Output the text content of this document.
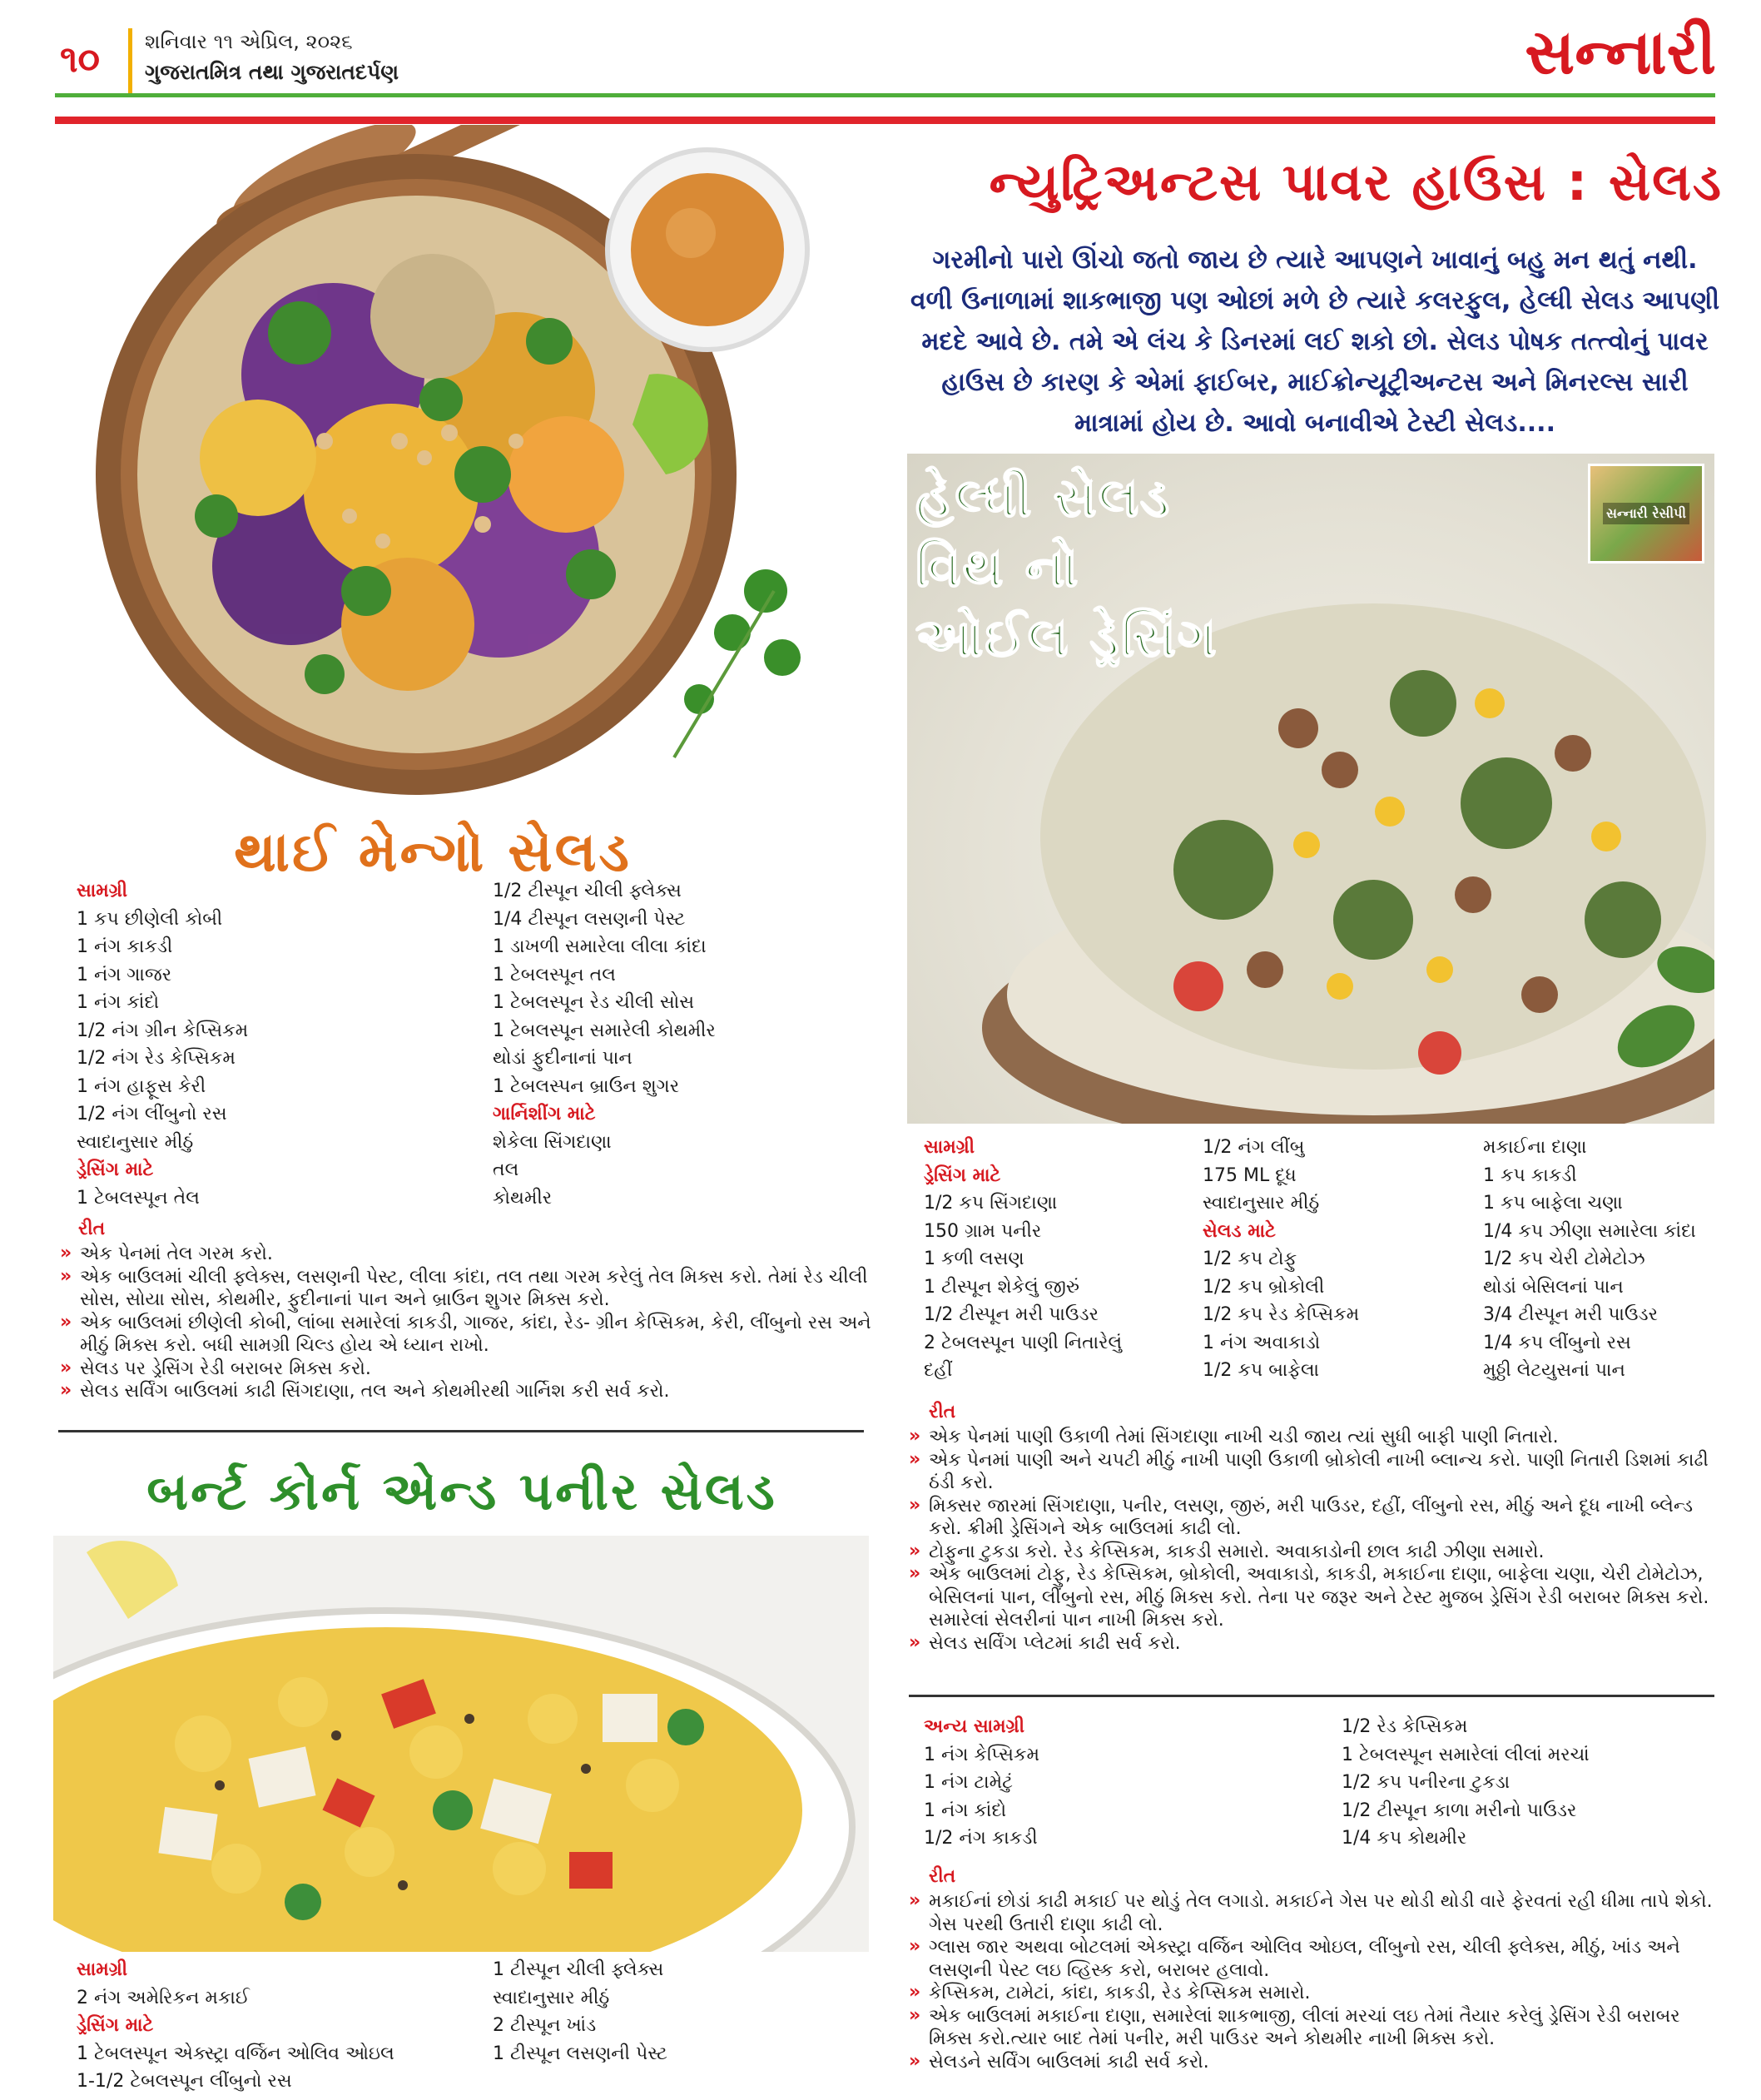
૧૦ શનિવાર ૧૧ એપ્રિલ, ૨૦૨૬
ગુજરાતમિત્ર તથા ગુજરાતદર્પણ	સન્નારી
ન્યુટ્રિઅન્ટસ પાવર હાઉસ : સેલડ
ગરમીનો પારો ઊંચો જતો જાય છે ત્યારે આપણને ખાવાનું બહુ મન થતું નથી. વળી ઉનાળામાં શાકભાજી પણ ઓછાં મળે છે ત્યારે કલરફુલ, હેલ્ધી સેલડ આપણી મદદે આવે છે. તમે એ લંચ કે ડિનરમાં લઈ શકો છો. સેલડ પોષક તત્ત્વોનું પાવર હાઉસ છે કારણ કે એમાં ફાઈબર, માઈક્રોન્યૂટ્રીઅન્ટસ અને મિનરલ્સ સારી માત્રામાં હોય છે. આવો બનાવીએ ટેસ્ટી સેલડ....
હેલ્ધી સેલડ
વિથ નો
ઓઈલ ડ્રેસિંગ
સન્નારી રેસીપી
થાઈ મેન્ગો સેલડ
સામગ્રી
1 કપ છીણેલી કોબી
1 નંગ કાકડી
1 નંગ ગાજર
1 નંગ કાંદો
1/2 નંગ ગ્રીન કેપ્સિકમ
1/2 નંગ રેડ કેપ્સિકમ
1 નંગ હાફૂસ કેરી
1/2 નંગ લીંબુનો રસ
સ્વાદાનુસાર મીઠું
ડ્રેસિંગ માટે
1 ટેબલસ્પૂન તેલ
1/2 ટીસ્પૂન ચીલી ફ્લેક્સ
1/4 ટીસ્પૂન લસણની પેસ્ટ
1 ડાખળી સમારેલા લીલા કાંદા
1 ટેબલસ્પૂન તલ
1 ટેબલસ્પૂન રેડ ચીલી સોસ
1 ટેબલસ્પૂન સમારેલી કોથમીર
થોડાં ફુદીનાનાં પાન
1 ટેબલસ્પન બ્રાઉન શુગર
ગાર્નિશીંગ માટે
શેકેલા સિંગદાણા
તલ
કોથમીર
રીત
» એક પેનમાં તેલ ગરમ કરો.
» એક બાઉલમાં ચીલી ફ્લેક્સ, લસણની પેસ્ટ, લીલા કાંદા, તલ તથા ગરમ કરેલું તેલ મિક્સ કરો. તેમાં રેડ ચીલી સોસ, સોયા સોસ, કોથમીર, ફુદીનાનાં પાન અને બ્રાઉન શુગર મિક્સ કરો.
» એક બાઉલમાં છીણેલી કોબી, લાંબા સમારેલાં કાકડી, ગાજર, કાંદા, રેડ- ગ્રીન કેપ્સિકમ, કેરી, લીંબુનો રસ અને મીઠું મિક્સ કરો. બધી સામગ્રી ચિલ્ડ હોય એ ધ્યાન રાખો.
» સેલડ પર ડ્રેસિંગ રેડી બરાબર મિક્સ કરો.
» સેલડ સર્વિંગ બાઉલમાં કાઢી સિંગદાણા, તલ અને કોથમીરથી ગાર્નિશ કરી સર્વ કરો.
બર્ન્ટ કોર્ન એન્ડ પનીર સેલડ
સામગ્રી
2 નંગ અમેરિકન મકાઈ
ડ્રેસિંગ માટે
1 ટેબલસ્પૂન એક્સ્ટ્રા વર્જિન ઓલિવ ઓઇલ
1-1/2 ટેબલસ્પૂન લીંબુનો રસ
1 ટીસ્પૂન ચીલી ફ્લેક્સ
સ્વાદાનુસાર મીઠું
2 ટીસ્પૂન ખાંડ
1 ટીસ્પૂન લસણની પેસ્ટ
સામગ્રી
ડ્રેસિંગ માટે
1/2 કપ સિંગદાણા
150 ગ્રામ પનીર
1 કળી લસણ
1 ટીસ્પૂન શેકેલું જીરું
1/2 ટીસ્પૂન મરી પાઉડર
2 ટેબલસ્પૂન પાણી નિતારેલું
દહીં
1/2 નંગ લીંબુ
175 ML દૂધ
સ્વાદાનુસાર મીઠું
સેલડ માટે
1/2 કપ ટોફુ
1/2 કપ બ્રોકોલી
1/2 કપ રેડ કેપ્સિકમ
1 નંગ અવાકાડો
1/2 કપ બાફેલા
મકાઈના દાણા
1 કપ કાકડી
1 કપ બાફેલા ચણા
1/4 કપ ઝીણા સમારેલા કાંદા
1/2 કપ ચેરી ટોમેટોઝ
થોડાં બેસિલનાં પાન
3/4 ટીસ્પૂન મરી પાઉડર
1/4 કપ લીંબુનો રસ
મુઠ્ઠી લેટયુસનાં પાન
રીત
» એક પેનમાં પાણી ઉકાળી તેમાં સિંગદાણા નાખી ચડી જાય ત્યાં સુધી બાફી પાણી નિતારો.
» એક પેનમાં પાણી અને ચપટી મીઠું નાખી પાણી ઉકાળી બ્રોકોલી નાખી બ્લાન્ચ કરો. પાણી નિતારી ડિશમાં કાઢી ઠંડી કરો.
» મિક્સર જારમાં સિંગદાણા, પનીર, લસણ, જીરું, મરી પાઉડર, દહીં, લીંબુનો રસ, મીઠું અને દૂધ નાખી બ્લેન્ડ કરો. ક્રીમી ડ્રેસિંગને એક બાઉલમાં કાઢી લો.
» ટોફુના ટુકડા કરો. રેડ કેપ્સિકમ, કાકડી સમારો. અવાકાડોની છાલ કાઢી ઝીણા સમારો.
» એક બાઉલમાં ટોફુ, રેડ કેપ્સિકમ, બ્રોકોલી, અવાકાડો, કાકડી, મકાઈના દાણા, બાફેલા ચણા, ચેરી ટોમેટોઝ, બેસિલનાં પાન, લીંબુનો રસ, મીઠું મિક્સ કરો. તેના પર જરૂર અને ટેસ્ટ મુજબ ડ્રેસિંગ રેડી બરાબર મિક્સ કરો. સમારેલાં સેલરીનાં પાન નાખી મિક્સ કરો.
» સેલડ સર્વિંગ પ્લેટમાં કાઢી સર્વ કરો.
અન્ય સામગ્રી
1 નંગ કેપ્સિકમ
1 નંગ ટામેટું
1 નંગ કાંદો
1/2 નંગ કાકડી
1/2 રેડ કેપ્સિકમ
1 ટેબલસ્પૂન સમારેલાં લીલાં મરચાં
1/2 કપ પનીરના ટુકડા
1/2 ટીસ્પૂન કાળા મરીનો પાઉડર
1/4 કપ કોથમીર
રીત
» મકાઈનાં છોડાં કાઢી મકાઈ પર થોડું તેલ લગાડો. મકાઈને ગેસ પર થોડી થોડી વારે ફેરવતાં રહી ધીમા તાપે શેકો. ગેસ પરથી ઉતારી દાણા કાઢી લો.
» ગ્લાસ જાર અથવા બોટલમાં એક્સ્ટ્રા વર્જિન ઓલિવ ઓઇલ, લીંબુનો રસ, ચીલી ફ્લેક્સ, મીઠું, ખાંડ અને લસણની પેસ્ટ લઇ વ્હિસ્ક કરો, બરાબર હલાવો.
» કેપ્સિકમ, ટામેટાં, કાંદા, કાકડી, રેડ કેપ્સિકમ સમારો.
» એક બાઉલમાં મકાઈના દાણા, સમારેલાં શાકભાજી, લીલાં મરચાં લઇ તેમાં તૈયાર કરેલું ડ્રેસિંગ રેડી બરાબર મિક્સ કરો.ત્યાર બાદ તેમાં પનીર, મરી પાઉડર અને કોથમીર નાખી મિક્સ કરો.
» સેલડને સર્વિંગ બાઉલમાં કાઢી સર્વ કરો.
